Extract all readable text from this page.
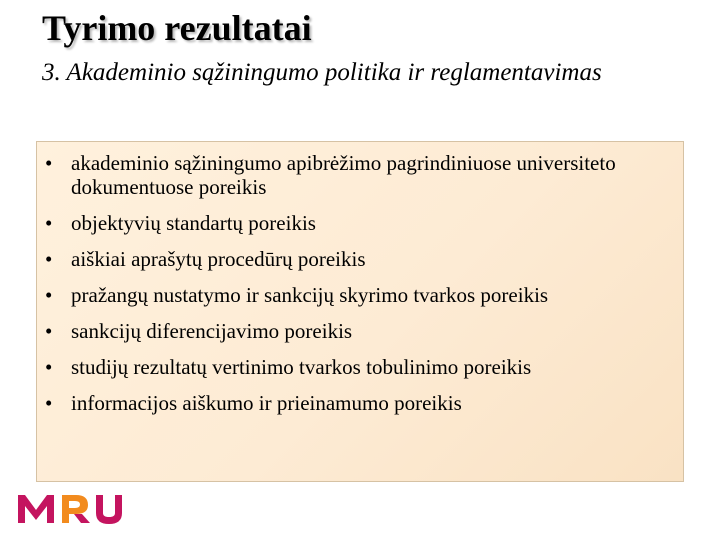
Tyrimo rezultatai
3. Akademinio sąžiningumo politika ir reglamentavimas
• akademinio sąžiningumo apibrėžimo pagrindiniuose universiteto dokumentuose poreikis
• objektyvių standartų poreikis
• aiškiai aprašytų procedūrų poreikis
• pražangų nustatymo ir sankcijų skyrimo tvarkos poreikis
• sankcijų diferencijavimo poreikis
• studijų rezultatų vertinimo tvarkos tobulinimo poreikis
• informacijos aiškumo ir prieinamumo poreikis
